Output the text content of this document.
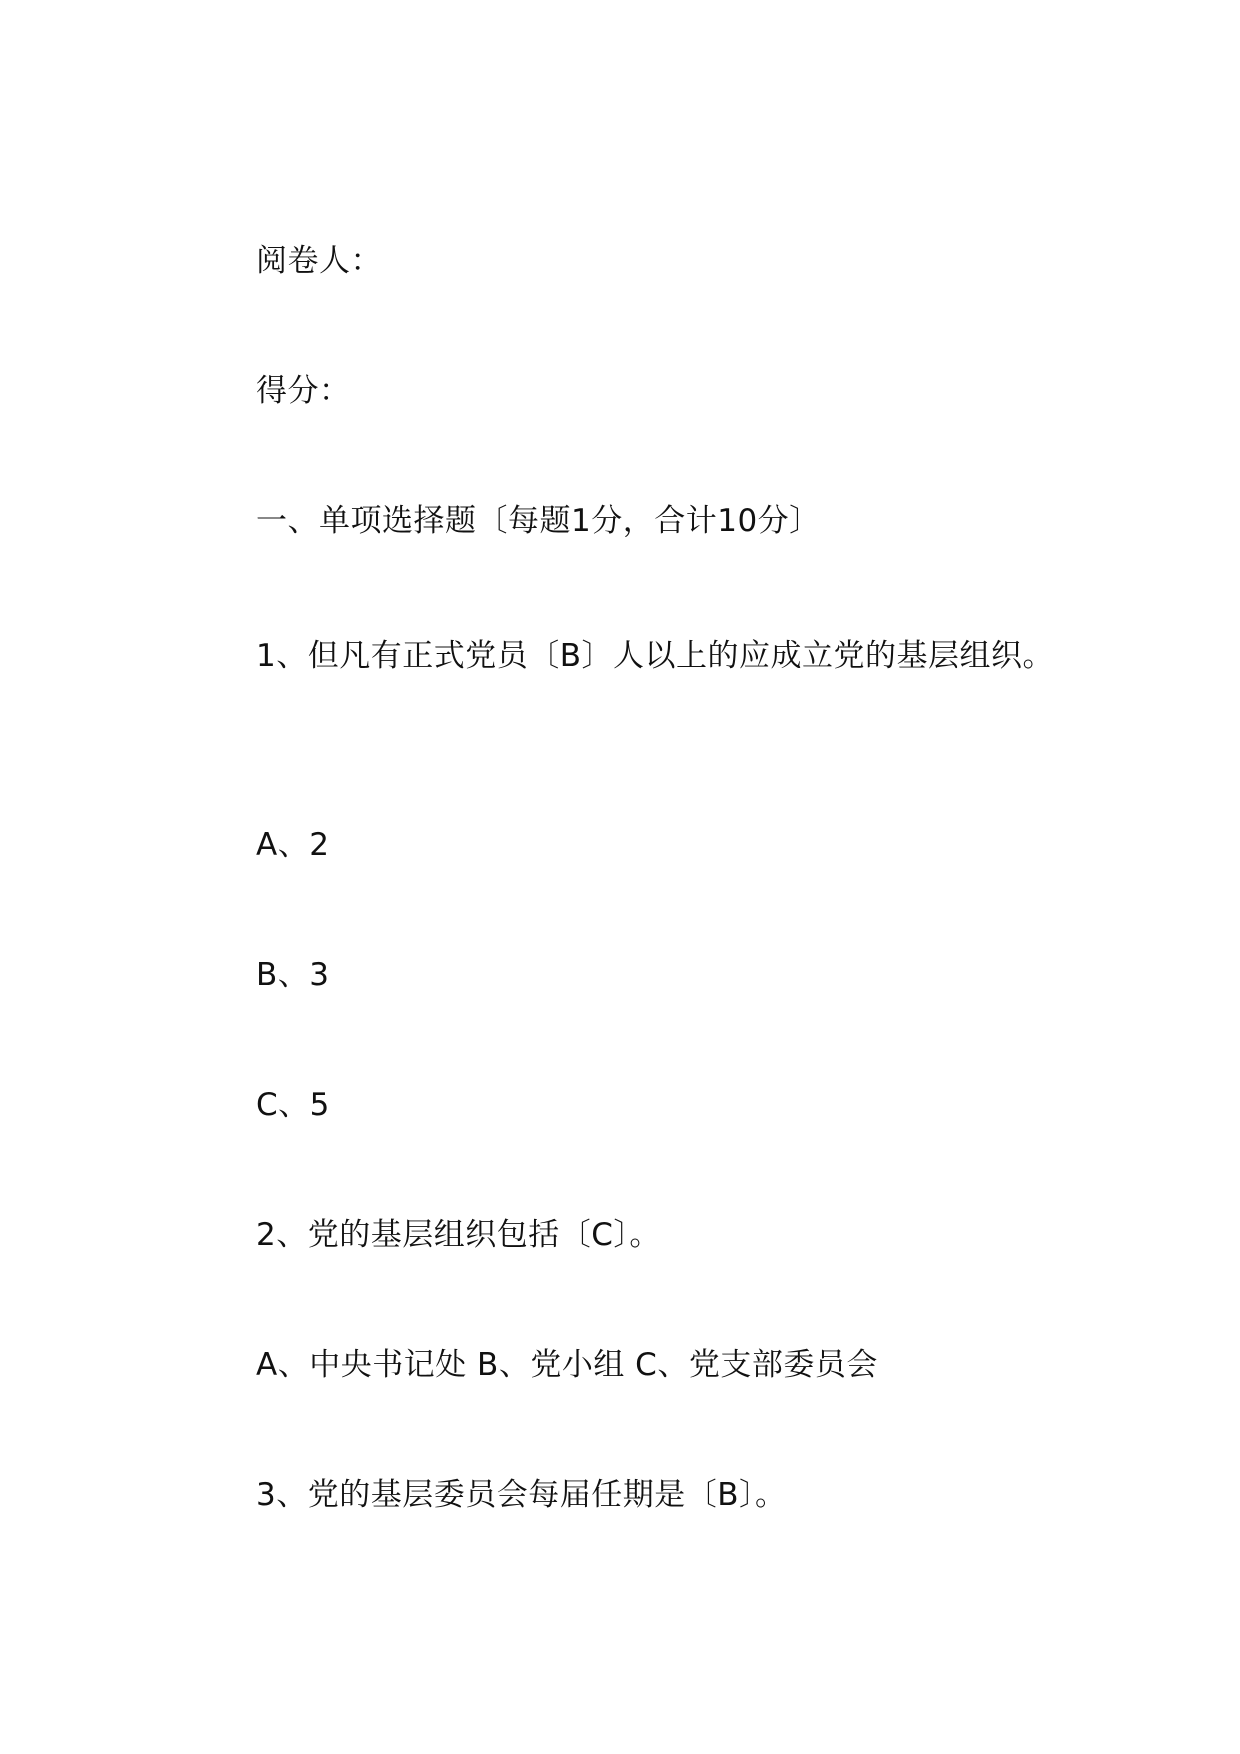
阅卷人：
得分：
一、单项选择题〔每题1分，合计10分〕
1、但凡有正式党员〔B〕人以上的应成立党的基层组织。
A、2
B、3
C、5
2、党的基层组织包括〔C〕。
A、中央书记处 B、党小组 C、党支部委员会
3、党的基层委员会每届任期是〔B〕。
